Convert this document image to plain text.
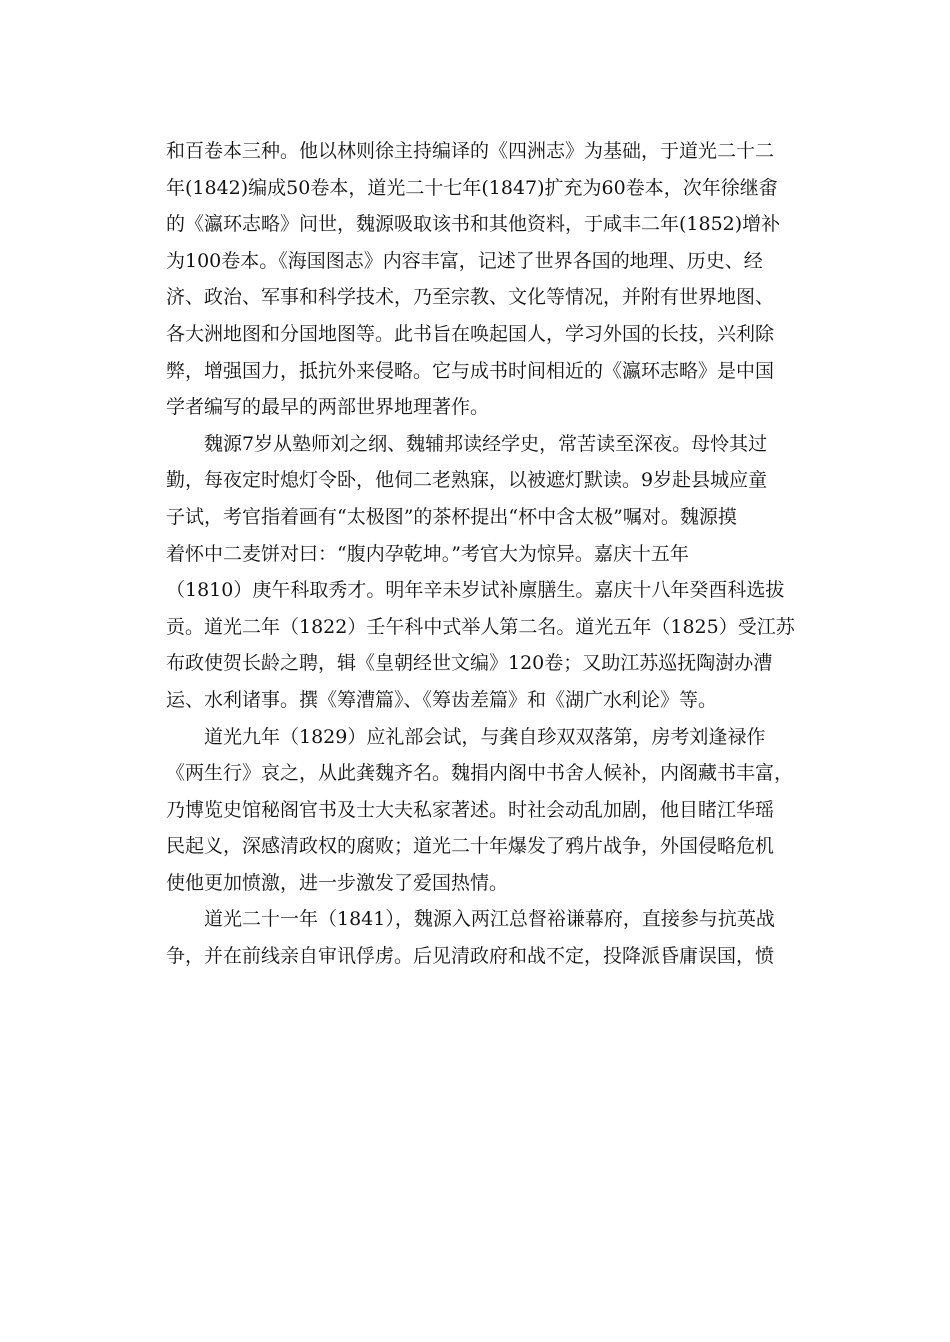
和百卷本三种。他以林则徐主持编译的《四洲志》为基础，于道光二十二
年(1842)编成50卷本，道光二十七年(1847)扩充为60卷本，次年徐继畬
的《瀛环志略》问世，魏源吸取该书和其他资料，于咸丰二年(1852)增补
为100卷本。《海国图志》内容丰富，记述了世界各国的地理、历史、经
济、政治、军事和科学技术，乃至宗教、文化等情况，并附有世界地图、
各大洲地图和分国地图等。此书旨在唤起国人，学习外国的长技，兴利除
弊，增强国力，抵抗外来侵略。它与成书时间相近的《瀛环志略》是中国
学者编写的最早的两部世界地理著作。
魏源7岁从塾师刘之纲、魏辅邦读经学史，常苦读至深夜。母怜其过
勤，每夜定时熄灯令卧，他伺二老熟寐，以被遮灯默读。9岁赴县城应童
子试，考官指着画有“太极图”的茶杯提出“杯中含太极”嘱对。魏源摸
着怀中二麦饼对曰：“腹内孕乾坤。”考官大为惊异。嘉庆十五年
（1810）庚午科取秀才。明年辛未岁试补廪膳生。嘉庆十八年癸酉科选拔
贡。道光二年（1822）壬午科中式举人第二名。道光五年（1825）受江苏
布政使贺长龄之聘，辑《皇朝经世文编》120卷；又助江苏巡抚陶澍办漕
运、水利诸事。撰《筹漕篇》、《筹齿差篇》和《湖广水利论》等。
道光九年（1829）应礼部会试，与龚自珍双双落第，房考刘逢禄作
《两生行》哀之，从此龚魏齐名。魏捐内阁中书舍人候补，内阁藏书丰富，
乃博览史馆秘阁官书及士大夫私家著述。时社会动乱加剧，他目睹江华瑶
民起义，深感清政权的腐败；道光二十年爆发了鸦片战争，外国侵略危机
使他更加愤激，进一步激发了爱国热情。
道光二十一年（1841），魏源入两江总督裕谦幕府，直接参与抗英战
争，并在前线亲自审讯俘虏。后见清政府和战不定，投降派昏庸误国，愤
